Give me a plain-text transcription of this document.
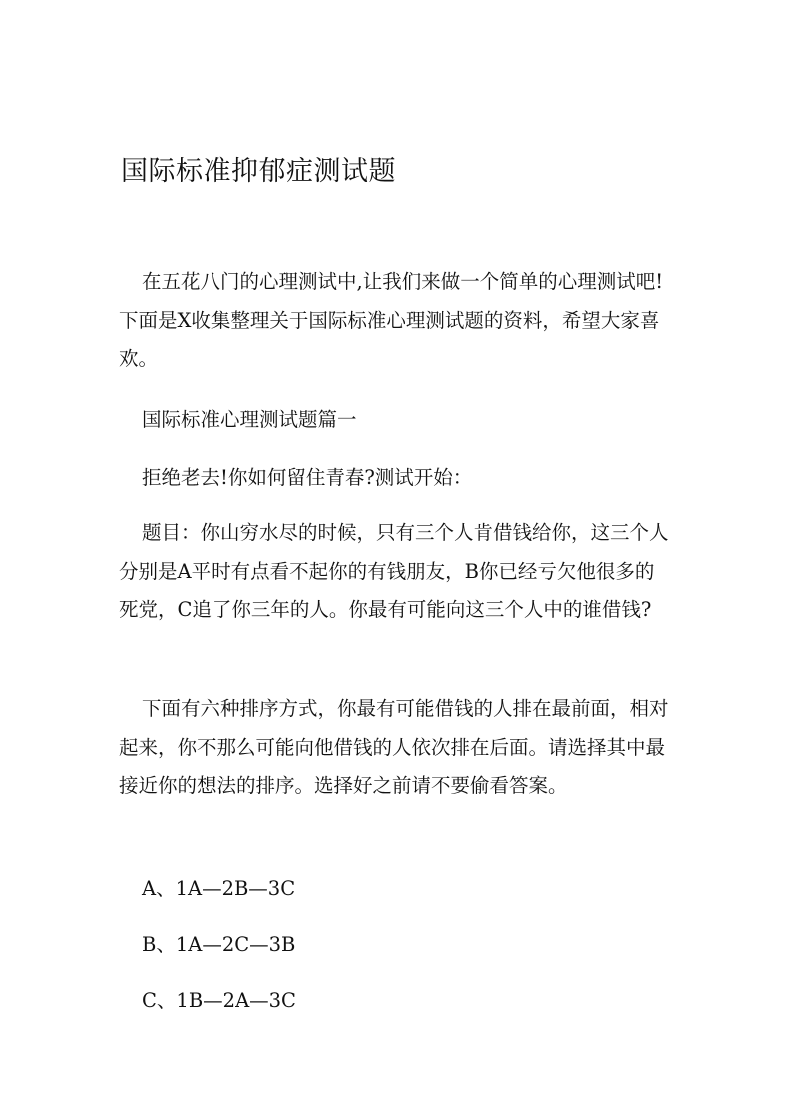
国际标准抑郁症测试题

在五花八门的心理测试中,让我们来做一个简单的心理测试吧!下面是X收集整理关于国际标准心理测试题的资料，希望大家喜欢。

国际标准心理测试题篇一

拒绝老去!你如何留住青春?测试开始：

题目：你山穷水尽的时候，只有三个人肯借钱给你，这三个人分别是A平时有点看不起你的有钱朋友，B你已经亏欠他很多的死党，C追了你三年的人。你最有可能向这三个人中的谁借钱?

下面有六种排序方式，你最有可能借钱的人排在最前面，相对起来，你不那么可能向他借钱的人依次排在后面。请选择其中最接近你的想法的排序。选择好之前请不要偷看答案。

A、1A—2B—3C

B、1A—2C—3B

C、1B—2A—3C
